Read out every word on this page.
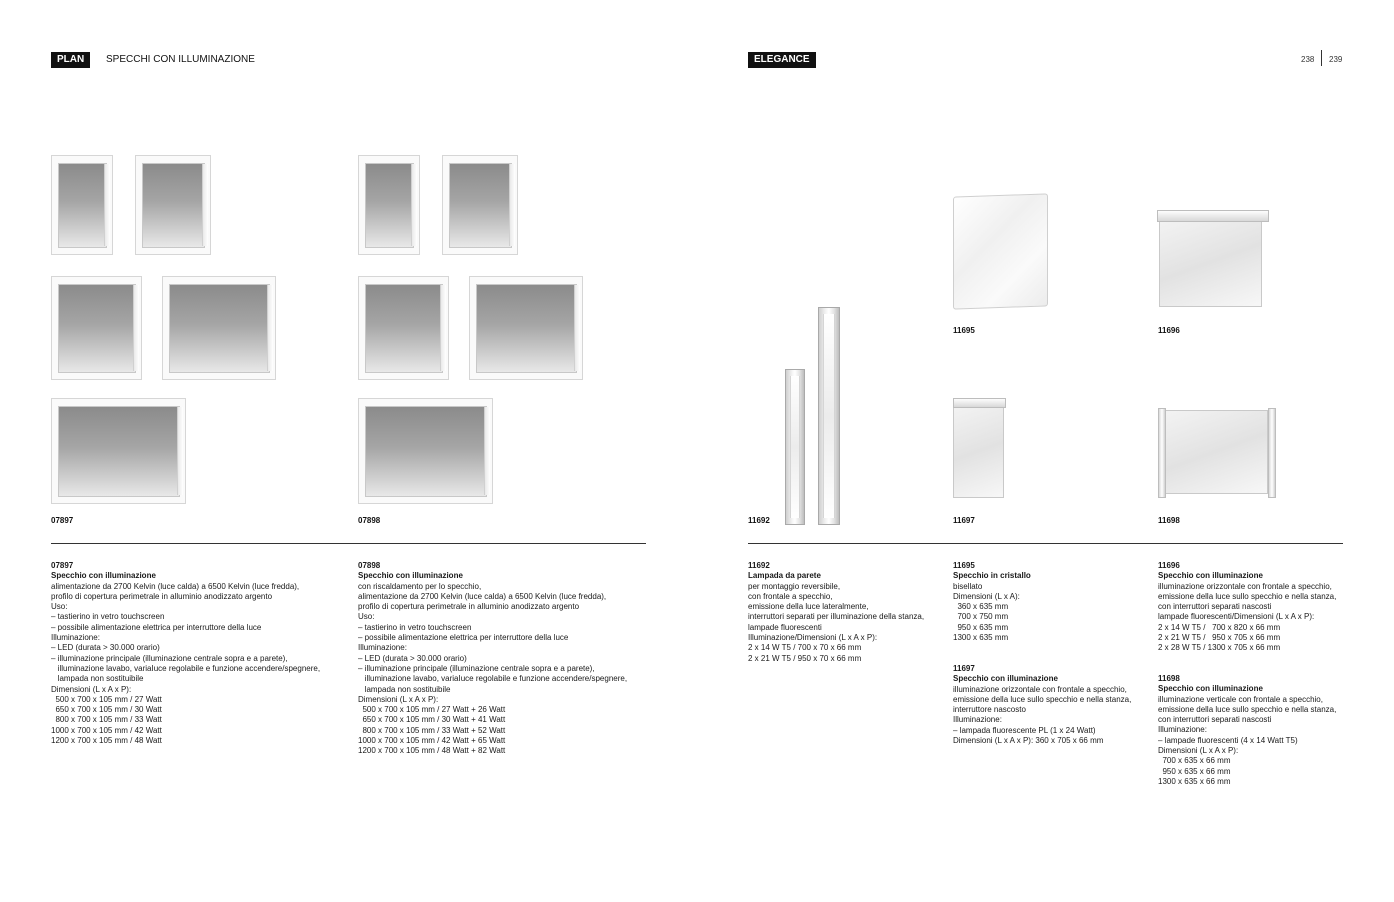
PLAN	SPECCHI CON ILLUMINAZIONE	ELEGANCE	238 239
07897	07898	11692
11695	11696
11697	11698
07897
Specchio con illuminazione
alimentazione da 2700 Kelvin (luce calda) a 6500 Kelvin (luce fredda),
profilo di copertura perimetrale in alluminio anodizzato argento
Uso:
– tastierino in vetro touchscreen
– possibile alimentazione elettrica per interruttore della luce
Illuminazione:
– LED (durata > 30.000 orario)
– illuminazione principale (illuminazione centrale sopra e a parete),
illuminazione lavabo, variaIuce regolabile e funzione accendere/spegnere,
lampada non sostituibile
Dimensioni (L x A x P):
500 x 700 x 105 mm / 27 Watt
650 x 700 x 105 mm / 30 Watt
800 x 700 x 105 mm / 33 Watt
1000 x 700 x 105 mm / 42 Watt
1200 x 700 x 105 mm / 48 Watt
07898
Specchio con illuminazione
con riscaldamento per lo specchio,
alimentazione da 2700 Kelvin (luce calda) a 6500 Kelvin (luce fredda),
profilo di copertura perimetrale in alluminio anodizzato argento
Uso:
– tastierino in vetro touchscreen
– possibile alimentazione elettrica per interruttore della luce
Illuminazione:
– LED (durata > 30.000 orario)
– illuminazione principale (illuminazione centrale sopra e a parete),
illuminazione lavabo, variaIuce regolabile e funzione accendere/spegnere,
lampada non sostituibile
Dimensioni (L x A x P):
500 x 700 x 105 mm / 27 Watt + 26 Watt
650 x 700 x 105 mm / 30 Watt + 41 Watt
800 x 700 x 105 mm / 33 Watt + 52 Watt
1000 x 700 x 105 mm / 42 Watt + 65 Watt
1200 x 700 x 105 mm / 48 Watt + 82 Watt
11692
Lampada da parete
per montaggio reversibile,
con frontale a specchio,
emissione della luce lateralmente,
interruttori separati per illuminazione della stanza,
lampade fluorescenti
Illuminazione/Dimensioni (L x A x P):
2 x 14 W T5 / 700 x 70 x 66 mm
2 x 21 W T5 / 950 x 70 x 66 mm
11695
Specchio in cristallo
bisellato
Dimensioni (L x A):
360 x 635 mm
700 x 750 mm
950 x 635 mm
1300 x 635 mm
11697
Specchio con illuminazione
illuminazione orizzontale con frontale a specchio,
emissione della luce sullo specchio e nella stanza,
interruttore nascosto
Illuminazione:
– lampada fluorescente PL (1 x 24 Watt)
Dimensioni (L x A x P): 360 x 705 x 66 mm
11696
Specchio con illuminazione
illuminazione orizzontale con frontale a specchio,
emissione della luce sullo specchio e nella stanza,
con interruttori separati nascosti
lampade fluorescenti/Dimensioni (L x A x P):
2 x 14 W T5 /   700 x 820 x 66 mm
2 x 21 W T5 /   950 x 705 x 66 mm
2 x 28 W T5 / 1300 x 705 x 66 mm
11698
Specchio con illuminazione
illuminazione verticale con frontale a specchio,
emissione della luce sullo specchio e nella stanza,
con interruttori separati nascosti
Illuminazione:
– lampade fluorescenti (4 x 14 Watt T5)
Dimensioni (L x A x P):
700 x 635 x 66 mm
950 x 635 x 66 mm
1300 x 635 x 66 mm
